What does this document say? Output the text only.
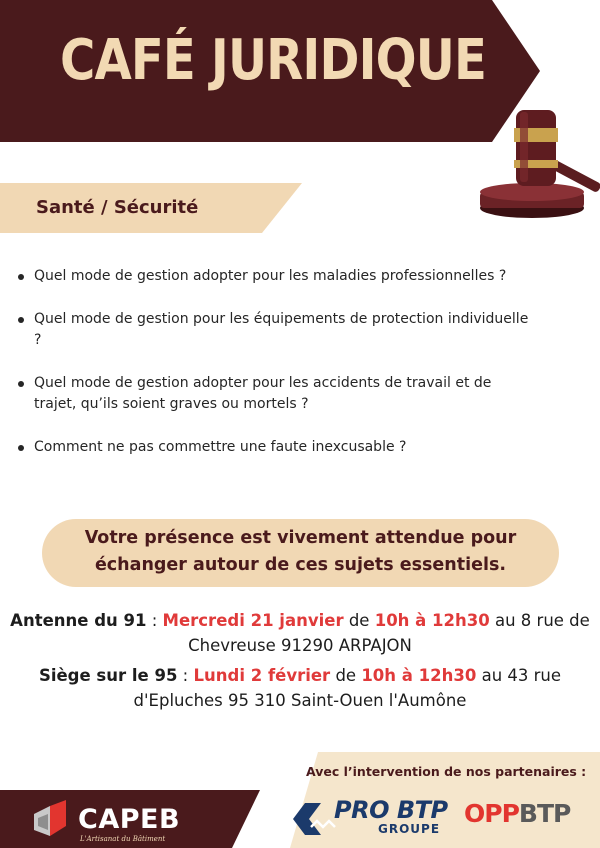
CAFÉ JURIDIQUE
Santé / Sécurité
Quel mode de gestion adopter pour les maladies professionnelles ?
Quel mode de gestion pour les équipements de protection individuelle ?
Quel mode de gestion adopter pour les accidents de travail et de trajet, qu’ils soient graves ou mortels ?
Comment ne pas commettre une faute inexcusable ?
Votre présence est vivement attendue pour
échanger autour de ces sujets essentiels.
Antenne du 91 : Mercredi 21 janvier de 10h à 12h30 au 8 rue de
Chevreuse 91290 ARPAJON
Siège sur le 95 : Lundi 2 février de 10h à 12h30 au 43 rue
d'Epluches 95 310 Saint-Ouen l'Aumône
CAPEB
L'Artisanat du Bâtiment
Avec l’intervention de nos partenaires :
PRO BTP
GROUPE
OPPBTP
